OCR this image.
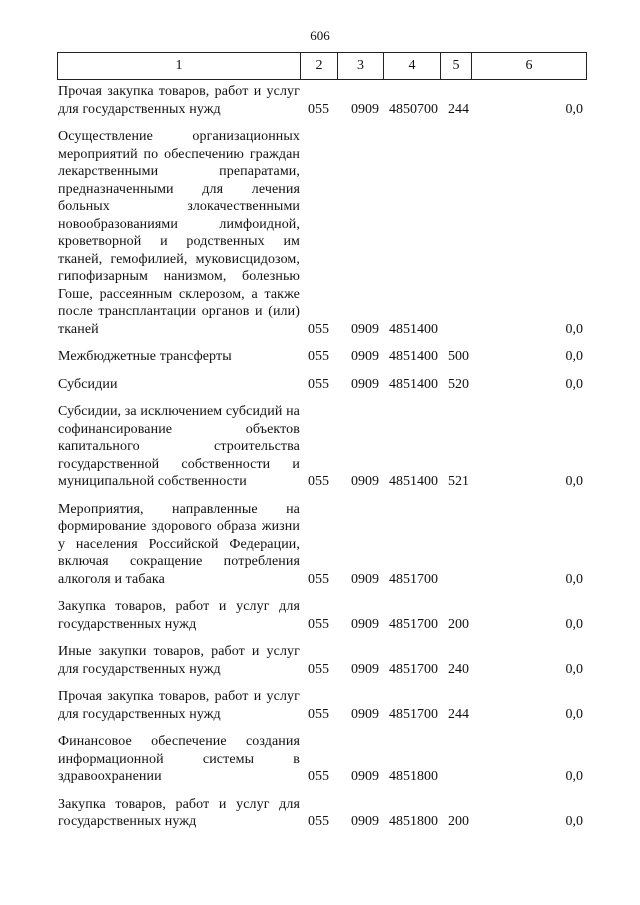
606
1	2	3	4	5	6
Прочая закупка товаров, работ и услуг для государственных нужд	055	0909 4850700 244	0,0
Осуществление организационных мероприятий по обеспечению граждан лекарственными препаратами, предназначенными для лечения больных злокачественными новообразованиями лимфоидной, кроветворной и родственных им тканей, гемофилией, муковисцидозом, гипофизарным нанизмом, болезнью Гоше, рассеянным склерозом, а также после трансплантации органов и (или) тканей	055	0909 4851400	0,0
Межбюджетные трансферты	055	0909 4851400 500	0,0
Субсидии	055	0909 4851400 520	0,0
Субсидии, за исключением субсидий на софинансирование объектов капитального строительства государственной собственности и муниципальной собственности	055	0909 4851400 521	0,0
Мероприятия, направленные на формирование здорового образа жизни у населения Российской Федерации, включая сокращение потребления алкоголя и табака	055	0909 4851700	0,0
Закупка товаров, работ и услуг для государственных нужд	055	0909 4851700 200	0,0
Иные закупки товаров, работ и услуг для государственных нужд	055	0909 4851700 240	0,0
Прочая закупка товаров, работ и услуг для государственных нужд	055	0909 4851700 244	0,0
Финансовое обеспечение создания информационной системы в здравоохранении	055	0909 4851800	0,0
Закупка товаров, работ и услуг для государственных нужд	055	0909 4851800 200	0,0
